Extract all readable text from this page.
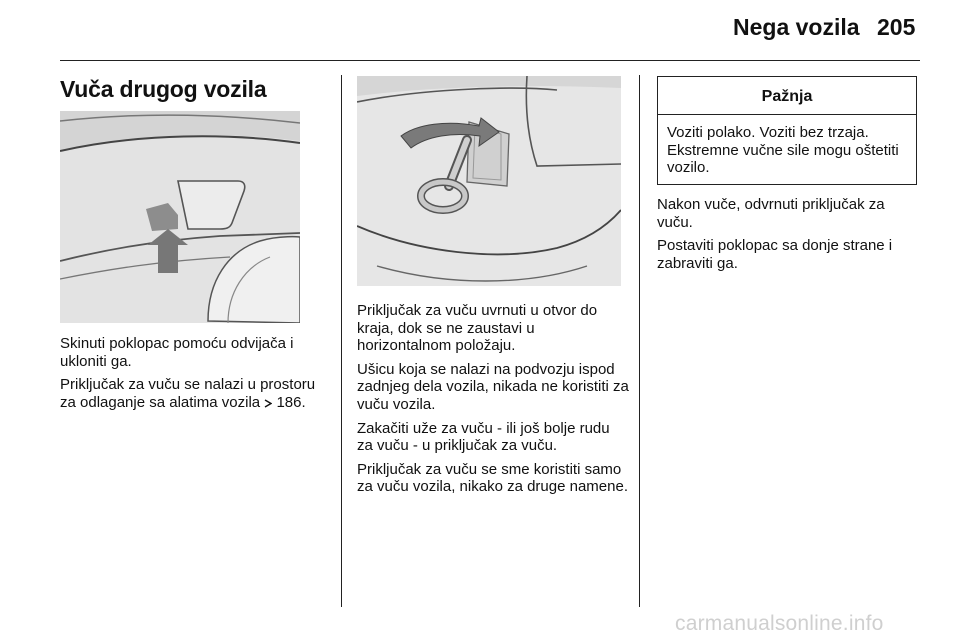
Nega vozila 205
Vuča drugog vozila

Skinuti poklopac pomoću odvijača i ukloniti ga.

Priključak za vuču se nalazi u prostoru za odlaganje sa alatima vozila 186.

Priključak za vuču uvrnuti u otvor do kraja, dok se ne zaustavi u horizontalnom položaju.

Ušicu koja se nalazi na podvozju ispod zadnjeg dela vozila, nikada ne koristiti za vuču vozila.

Zakačiti uže za vuču - ili još bolje rudu za vuču - u priključak za vuču.

Priključak za vuču se sme koristiti samo za vuču vozila, nikako za druge namene.

Pažnja
Voziti polako. Voziti bez trzaja. Ekstremne vučne sile mogu oštetiti vozilo.

Nakon vuče, odvrnuti priključak za vuču.

Postaviti poklopac sa donje strane i zabraviti ga.

carmanualsonline.info
